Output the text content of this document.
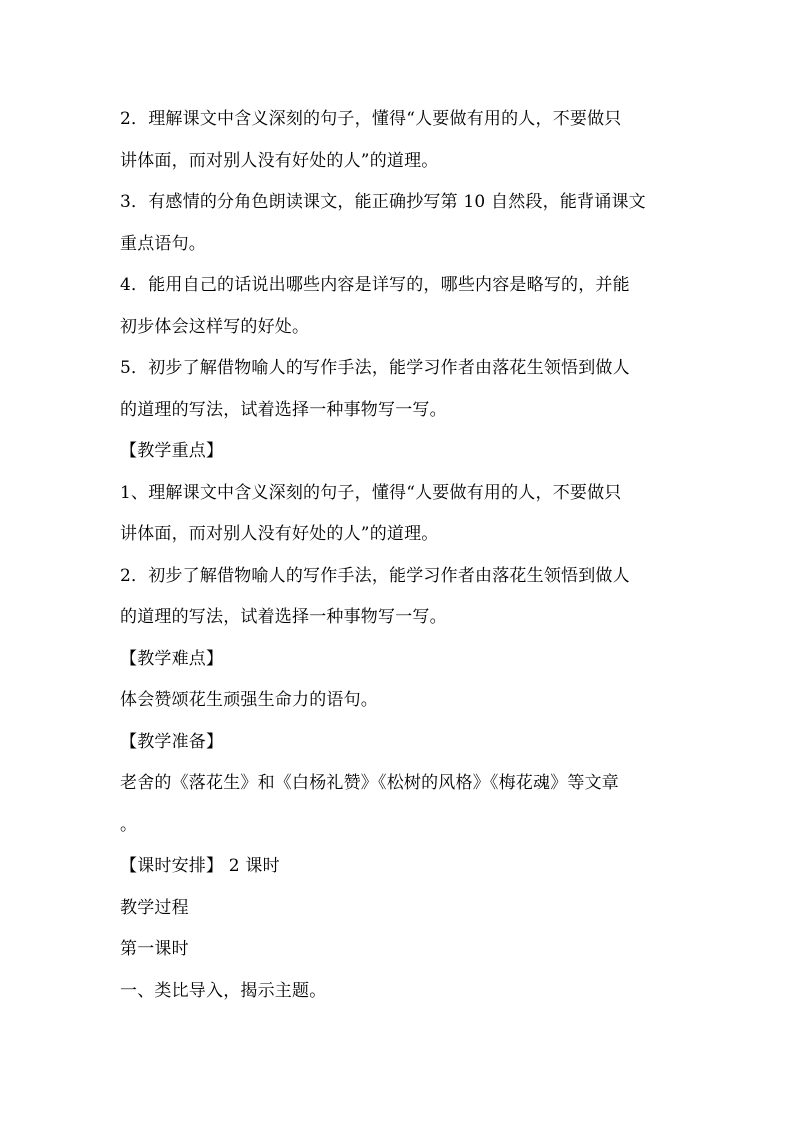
2．理解课文中含义深刻的句子，懂得“人要做有用的人，不要做只
讲体面，而对别人没有好处的人”的道理。
3．有感情的分角色朗读课文，能正确抄写第 10 自然段，能背诵课文
重点语句。
4．能用自己的话说出哪些内容是详写的，哪些内容是略写的，并能
初步体会这样写的好处。
5．初步了解借物喻人的写作手法，能学习作者由落花生领悟到做人
的道理的写法，试着选择一种事物写一写。
【教学重点】
1、理解课文中含义深刻的句子，懂得“人要做有用的人，不要做只
讲体面，而对别人没有好处的人”的道理。
2．初步了解借物喻人的写作手法，能学习作者由落花生领悟到做人
的道理的写法，试着选择一种事物写一写。
【教学难点】
体会赞颂花生顽强生命力的语句。
【教学准备】
老舍的《落花生》和《白杨礼赞》《松树的风格》《梅花魂》等文章
。
【课时安排】 2 课时
教学过程
第一课时
一、类比导入，揭示主题。
